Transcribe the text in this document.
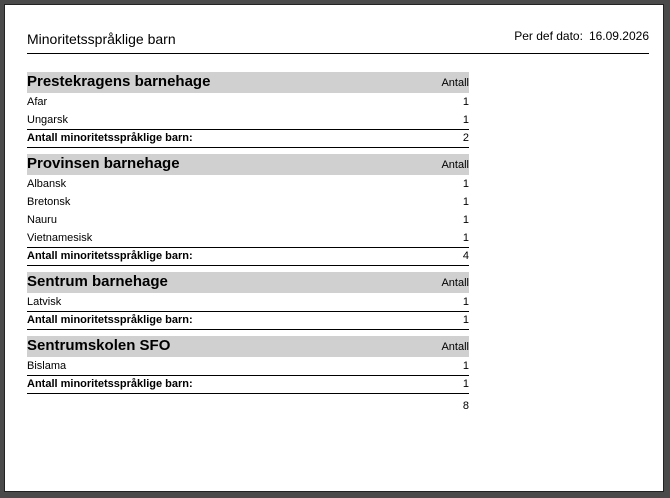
Minoritetsspråklige barn	Per def dato: 16.09.2026
Prestekragens barnehage	Antall
Afar	1
Ungarsk	1
Antall minoritetsspråklige barn:	2
Provinsen barnehage	Antall
Albansk	1
Bretonsk	1
Nauru	1
Vietnamesisk	1
Antall minoritetsspråklige barn:	4
Sentrum barnehage	Antall
Latvisk	1
Antall minoritetsspråklige barn:	1
Sentrumskolen SFO	Antall
Bislama	1
Antall minoritetsspråklige barn:	1
8
